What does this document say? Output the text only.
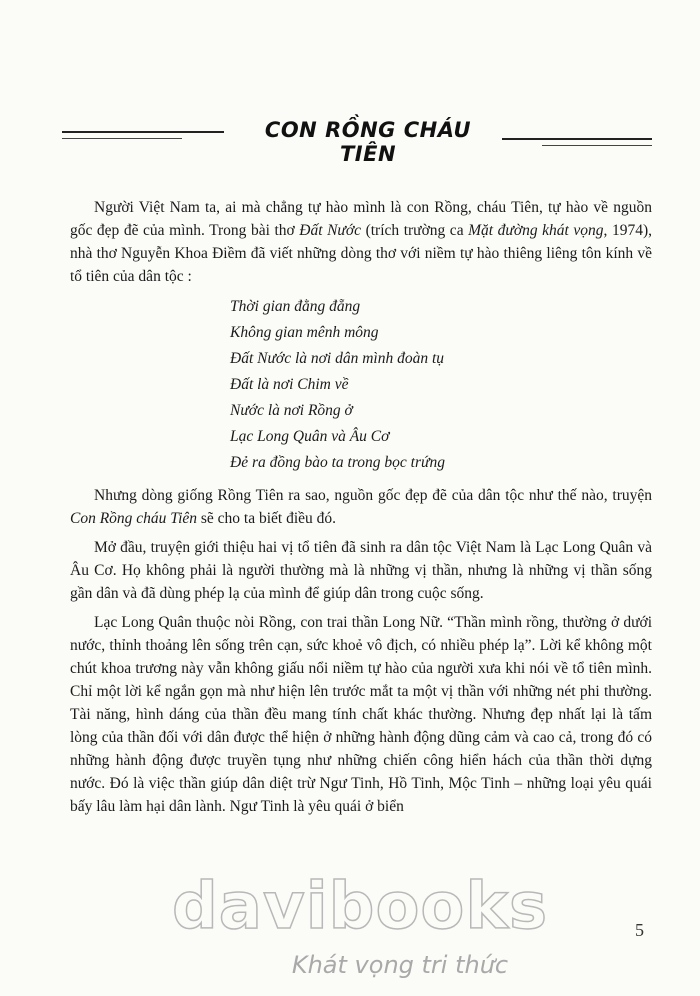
CON RỒNG CHÁU TIÊN

Người Việt Nam ta, ai mà chẳng tự hào mình là con Rồng, cháu Tiên, tự hào về nguồn gốc đẹp đẽ của mình. Trong bài thơ Đất Nước (trích trường ca Mặt đường khát vọng, 1974), nhà thơ Nguyễn Khoa Điềm đã viết những dòng thơ với niềm tự hào thiêng liêng tôn kính về tổ tiên của dân tộc :

Thời gian đằng đẵng
Không gian mênh mông
Đất Nước là nơi dân mình đoàn tụ
Đất là nơi Chim về
Nước là nơi Rồng ở
Lạc Long Quân và Âu Cơ
Đẻ ra đồng bào ta trong bọc trứng

Nhưng dòng giống Rồng Tiên ra sao, nguồn gốc đẹp đẽ của dân tộc như thế nào, truyện Con Rồng cháu Tiên sẽ cho ta biết điều đó.

Mở đầu, truyện giới thiệu hai vị tổ tiên đã sinh ra dân tộc Việt Nam là Lạc Long Quân và Âu Cơ. Họ không phải là người thường mà là những vị thần, nhưng là những vị thần sống gần dân và đã dùng phép lạ của mình để giúp dân trong cuộc sống.

Lạc Long Quân thuộc nòi Rồng, con trai thần Long Nữ. “Thần mình rồng, thường ở dưới nước, thỉnh thoảng lên sống trên cạn, sức khoẻ vô địch, có nhiều phép lạ”. Lời kể không một chút khoa trương này vẫn không giấu nổi niềm tự hào của người xưa khi nói về tổ tiên mình. Chỉ một lời kể ngắn gọn mà như hiện lên trước mắt ta một vị thần với những nét phi thường. Tài năng, hình dáng của thần đều mang tính chất khác thường. Nhưng đẹp nhất lại là tấm lòng của thần đối với dân được thể hiện ở những hành động dũng cảm và cao cả, trong đó có những hành động được truyền tụng như những chiến công hiển hách của thần thời dựng nước. Đó là việc thần giúp dân diệt trừ Ngư Tinh, Hồ Tinh, Mộc Tinh – những loại yêu quái bấy lâu làm hại dân lành. Ngư Tinh là yêu quái ở biển

davibooks
Khát vọng tri thức
5
